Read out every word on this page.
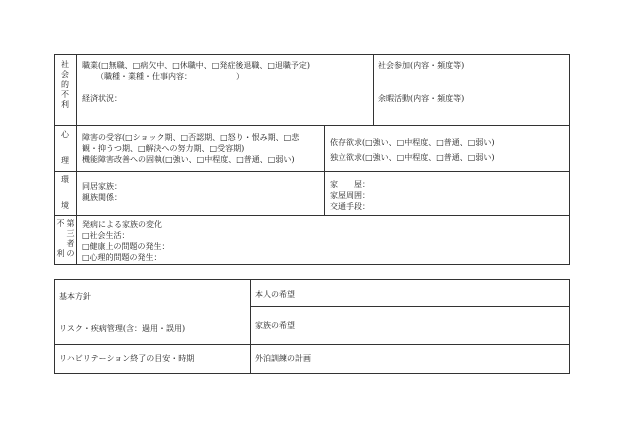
社
会
的
不
利
職業(□無職、□病欠中、□休職中、□発症後退職、□退職予定)
（職種・業種・仕事内容：　　　　　　）
経済状況：
社会参加(内容・頻度等)
余暇活動(内容・頻度等)
心
理
障害の受容(□ショック期、□否認期、□怒り・恨み期、□悲
観・抑うつ期、□解決への努力期、□受容期)
機能障害改善への固執(□強い、□中程度、□普通、□弱い)
依存欲求(□強い、□中程度、□普通、□弱い)
独立欲求(□強い、□中程度、□普通、□弱い)
環
境
同居家族：
親族関係：
家　　屋：
家屋周囲：
交通手段：
不

利
第
三
者
の
発病による家族の変化
□社会生活：
□健康上の問題の発生：
□心理的問題の発生：
基本方針
リスク・疾病管理(含：過用・誤用)
リハビリテーション終了の目安・時期
本人の希望
家族の希望
外泊訓練の計画
